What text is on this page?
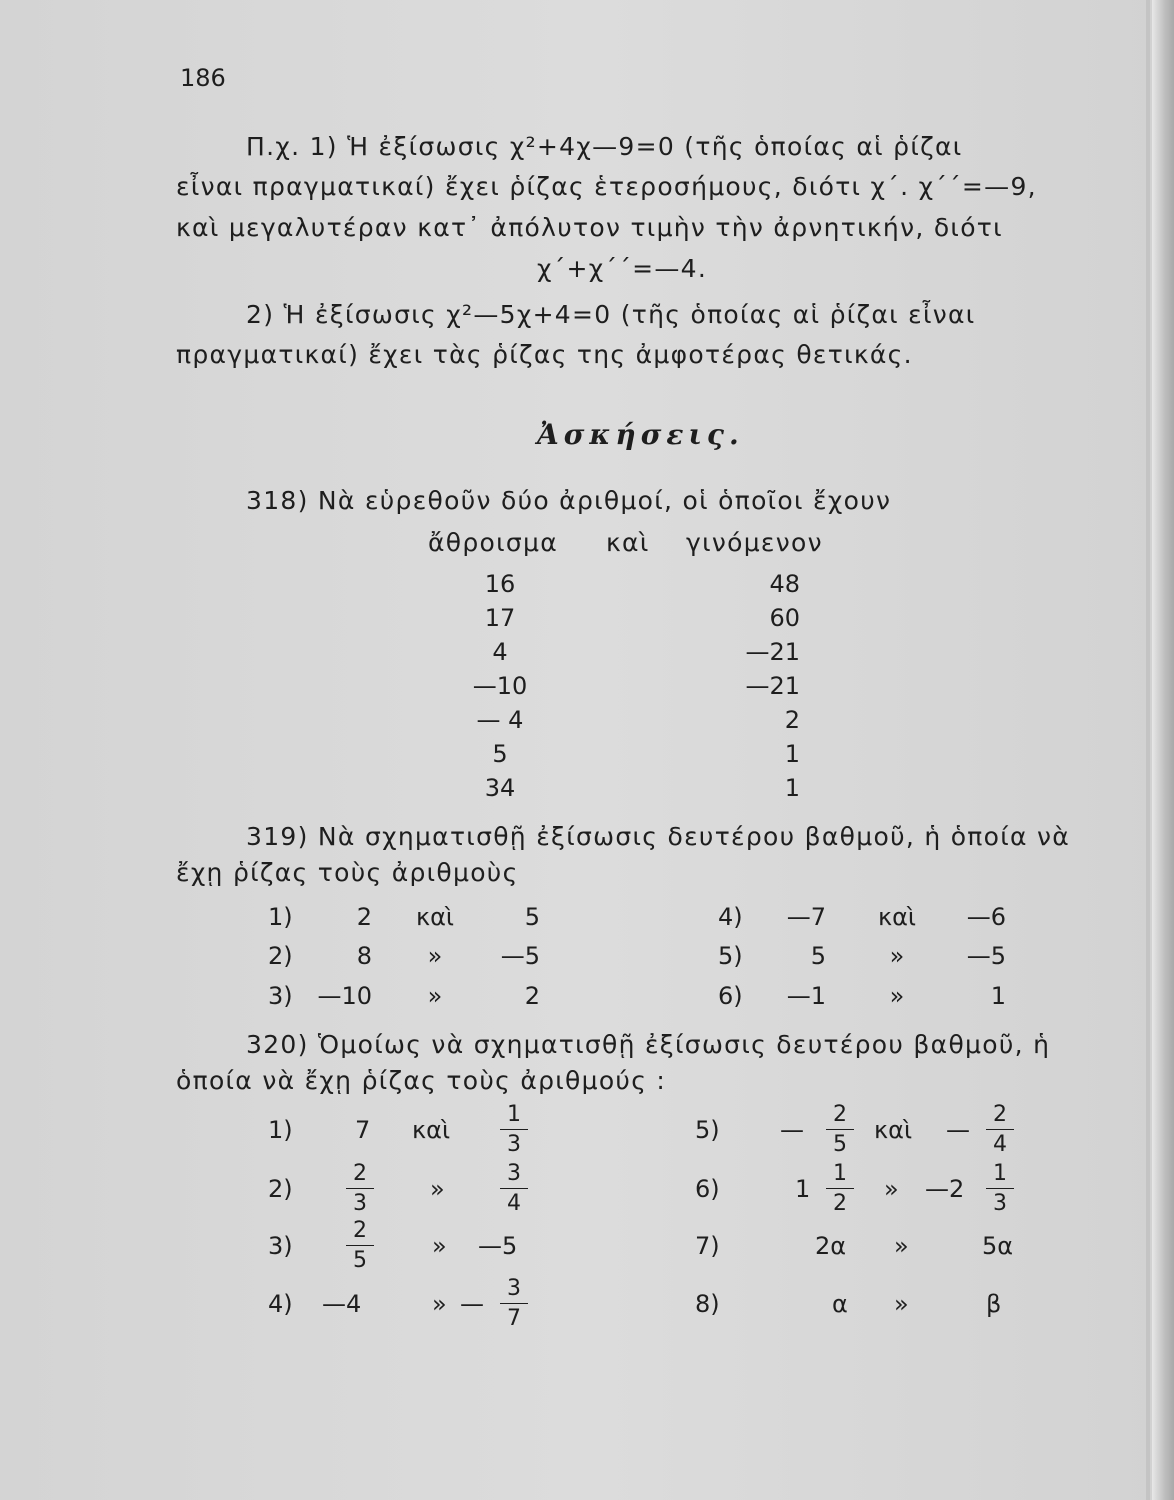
186
Π.χ. 1) Ἡ ἐξίσωσις χ²+4χ—9=0 (τῆς ὁποίας αἱ ῥίζαι
εἶναι πραγματικαί) ἔχει ῥίζας ἑτεροσήμους, διότι χ΄. χ΄΄=—9,
καὶ μεγαλυτέραν κατ᾽ ἀπόλυτον τιμὴν τὴν ἀρνητικήν, διότι
χ΄+χ΄΄=—4.
2) Ἡ ἐξίσωσις χ²—5χ+4=0 (τῆς ὁποίας αἱ ῥίζαι εἶναι
πραγματικαί) ἔχει τὰς ῥίζας της ἀμφοτέρας θετικάς.
Ἀσκήσεις.
318) Νὰ εὑρεθοῦν δύο ἀριθμοί, οἱ ὁποῖοι ἔχουν
ἄθροισμα καὶ γινόμενον
16	48
17	60
4	—21
—10	—21
— 4	2
5	1
34	1
319) Νὰ σχηματισθῇ ἐξίσωσις δευτέρου βαθμοῦ, ἡ ὁποία νὰ
ἔχῃ ῥίζας τοὺς ἀριθμοὺς
1)	2	καὶ	5
2)	8	»	—5
3)	—10	»	2
4)	—7	καὶ	—6
5)	5	»	—5
6)	—1	»	1
320) Ὁμοίως νὰ σχηματισθῇ ἐξίσωσις δευτέρου βαθμοῦ, ἡ
ὁποία νὰ ἔχῃ ῥίζας τοὺς ἀριθμούς :
1)	7 καὶ $\frac{1}{3}$
$2) \frac{2}{3}$ »	$\frac{3}{4}$
$3) \frac{2}{5}$ » —5
4) —4	» — $\frac{3}{7}$
5)	— $\frac{2}{5}$ καὶ — $\frac{2}{4}$
6)	$1 \frac{1}{2}$ » —2 $\frac{1}{3}$
7)	2α »	5α
8)	α »	β
